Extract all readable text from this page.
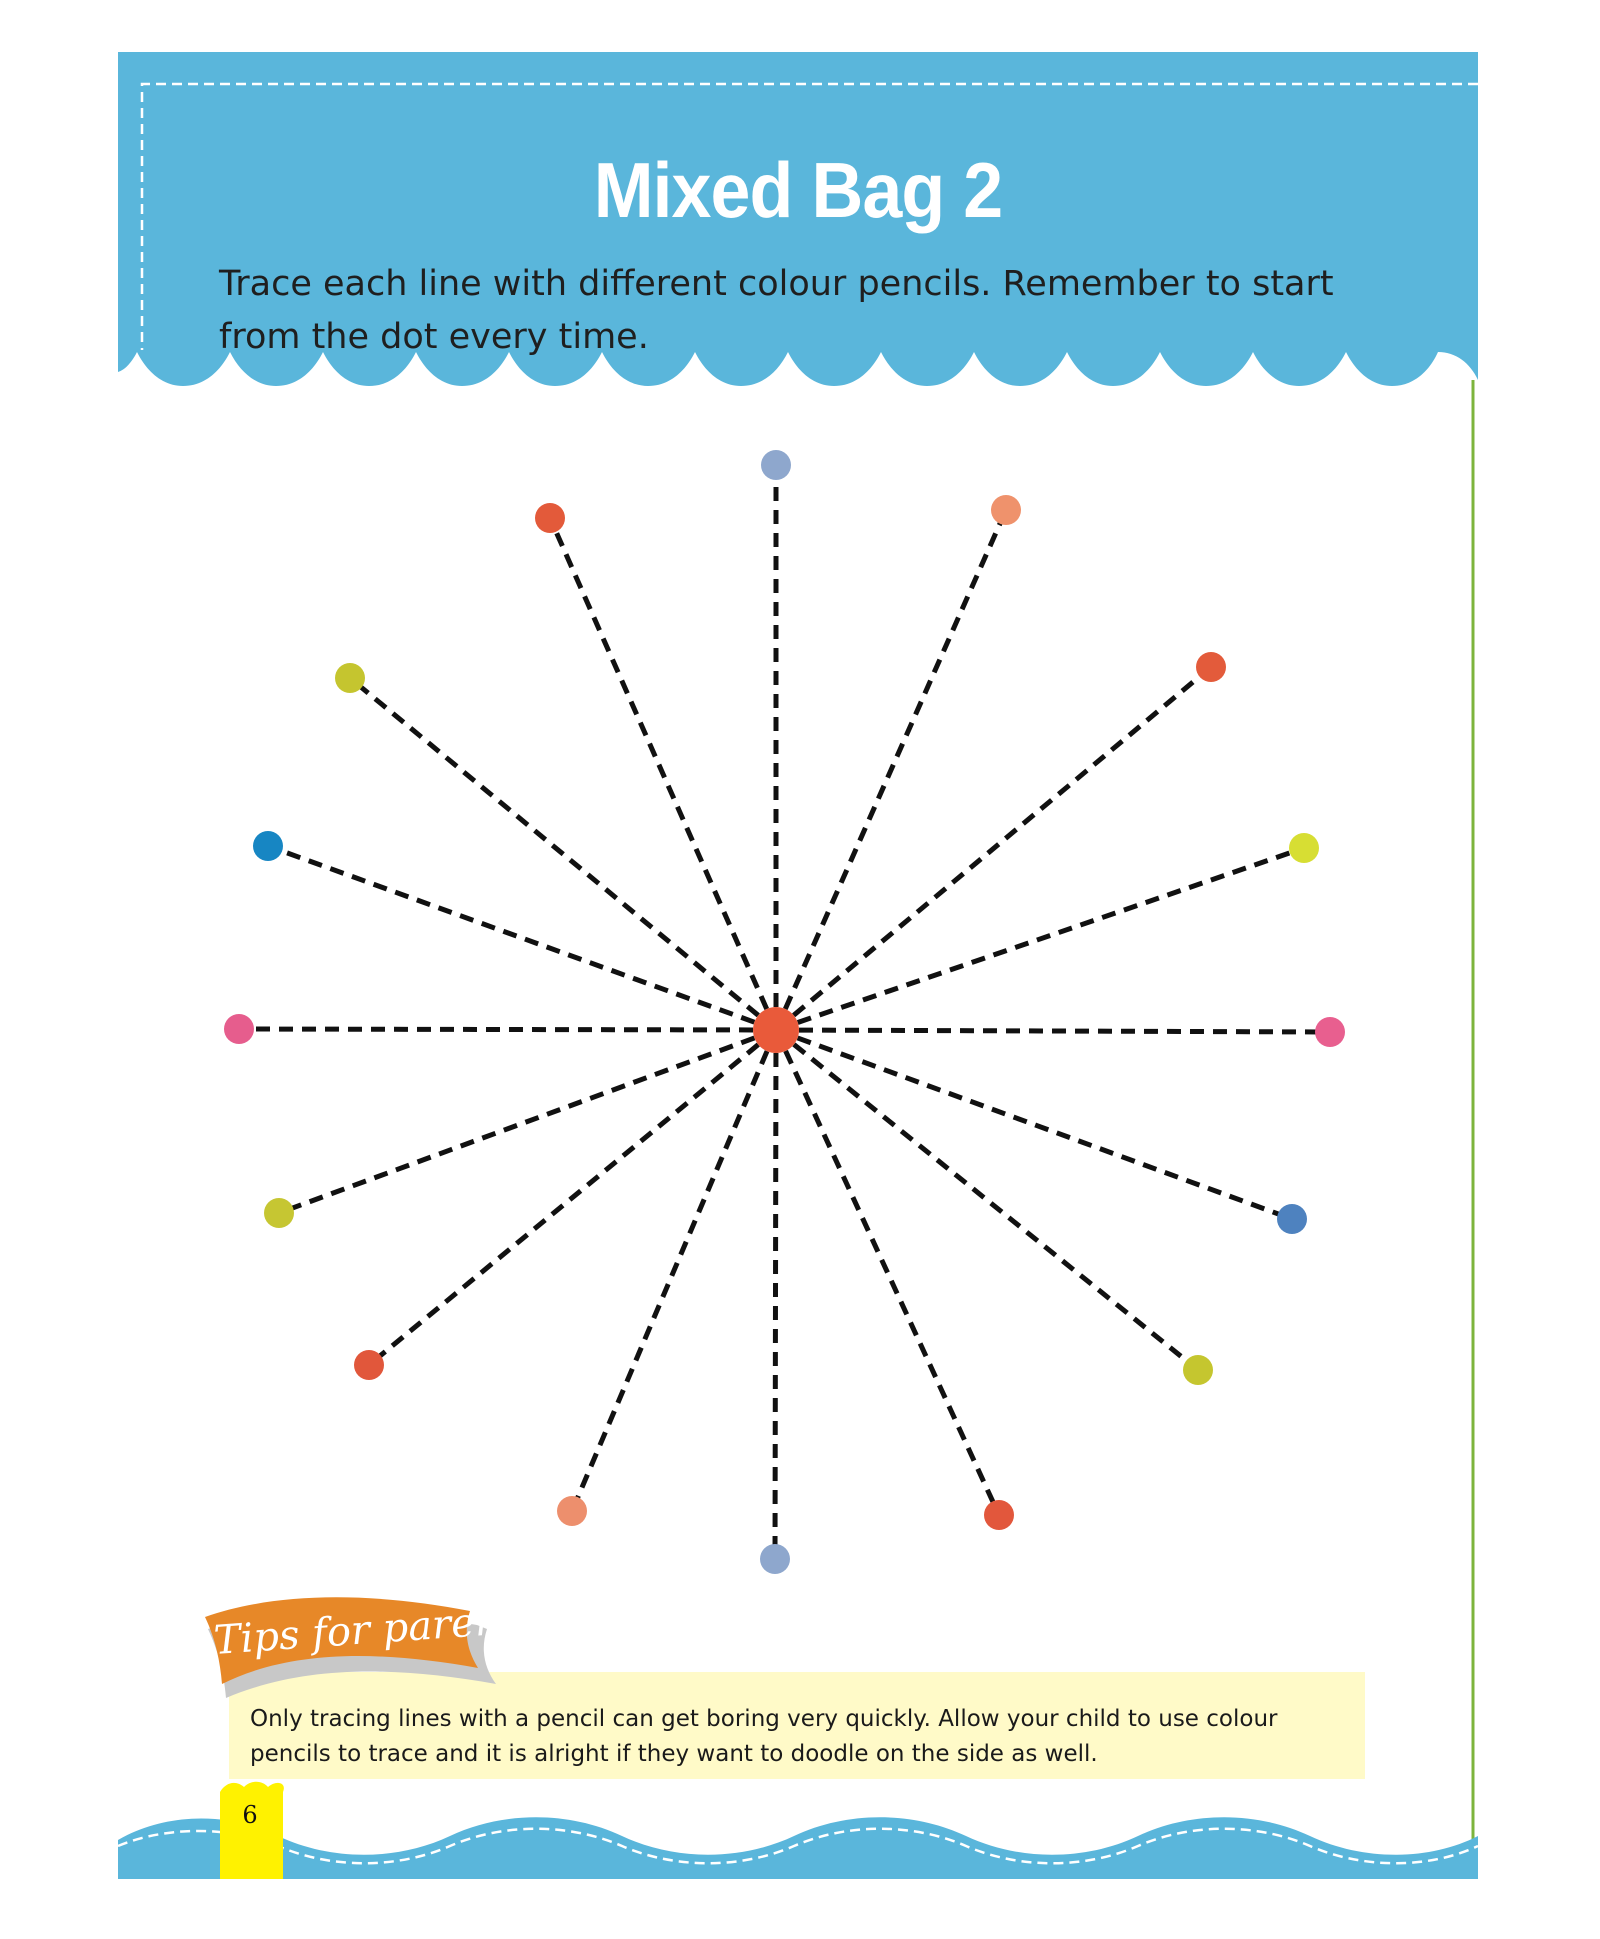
Mixed Bag 2
Trace each line with different colour pencils. Remember to start from the dot every time.
Tips for parents
Only tracing lines with a pencil can get boring very quickly. Allow your child to use colour pencils to trace and it is alright if they want to doodle on the side as well.
6
